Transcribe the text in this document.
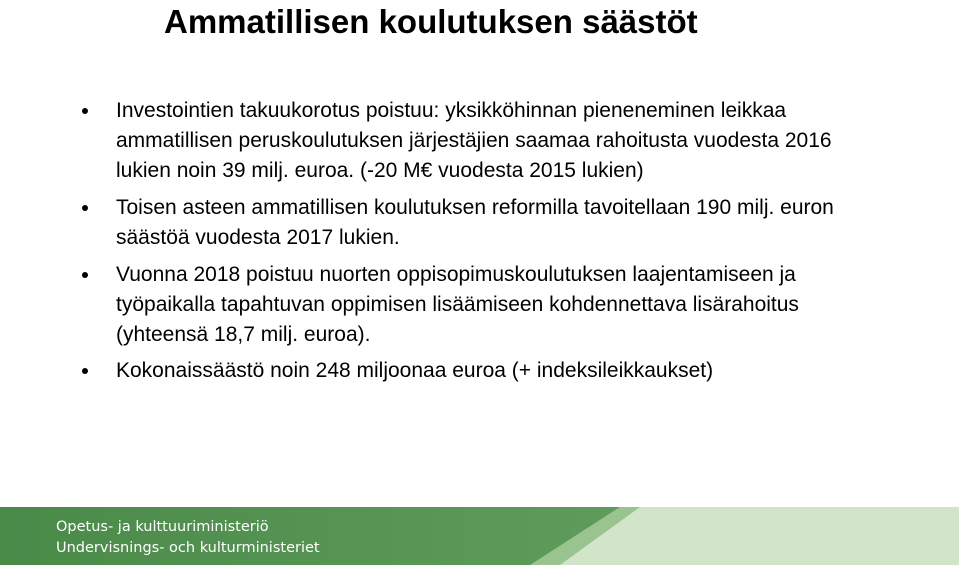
Ammatillisen koulutuksen säästöt
Investointien takuukorotus poistuu: yksikköhinnan pieneneminen leikkaa ammatillisen peruskoulutuksen järjestäjien saamaa rahoitusta vuodesta 2016 lukien noin 39 milj. euroa. (-20 M€ vuodesta 2015 lukien)
Toisen asteen ammatillisen koulutuksen reformilla tavoitellaan 190 milj. euron säästöä vuodesta 2017 lukien.
Vuonna 2018 poistuu nuorten oppisopimuskoulutuksen laajentamiseen ja työpaikalla tapahtuvan oppimisen lisäämiseen kohdennettava lisärahoitus (yhteensä 18,7 milj. euroa).
Kokonaissäästö noin 248 miljoonaa euroa (+ indeksileikkaukset)
Opetus- ja kulttuuriministeriö
Undervisnings- och kulturministeriet
